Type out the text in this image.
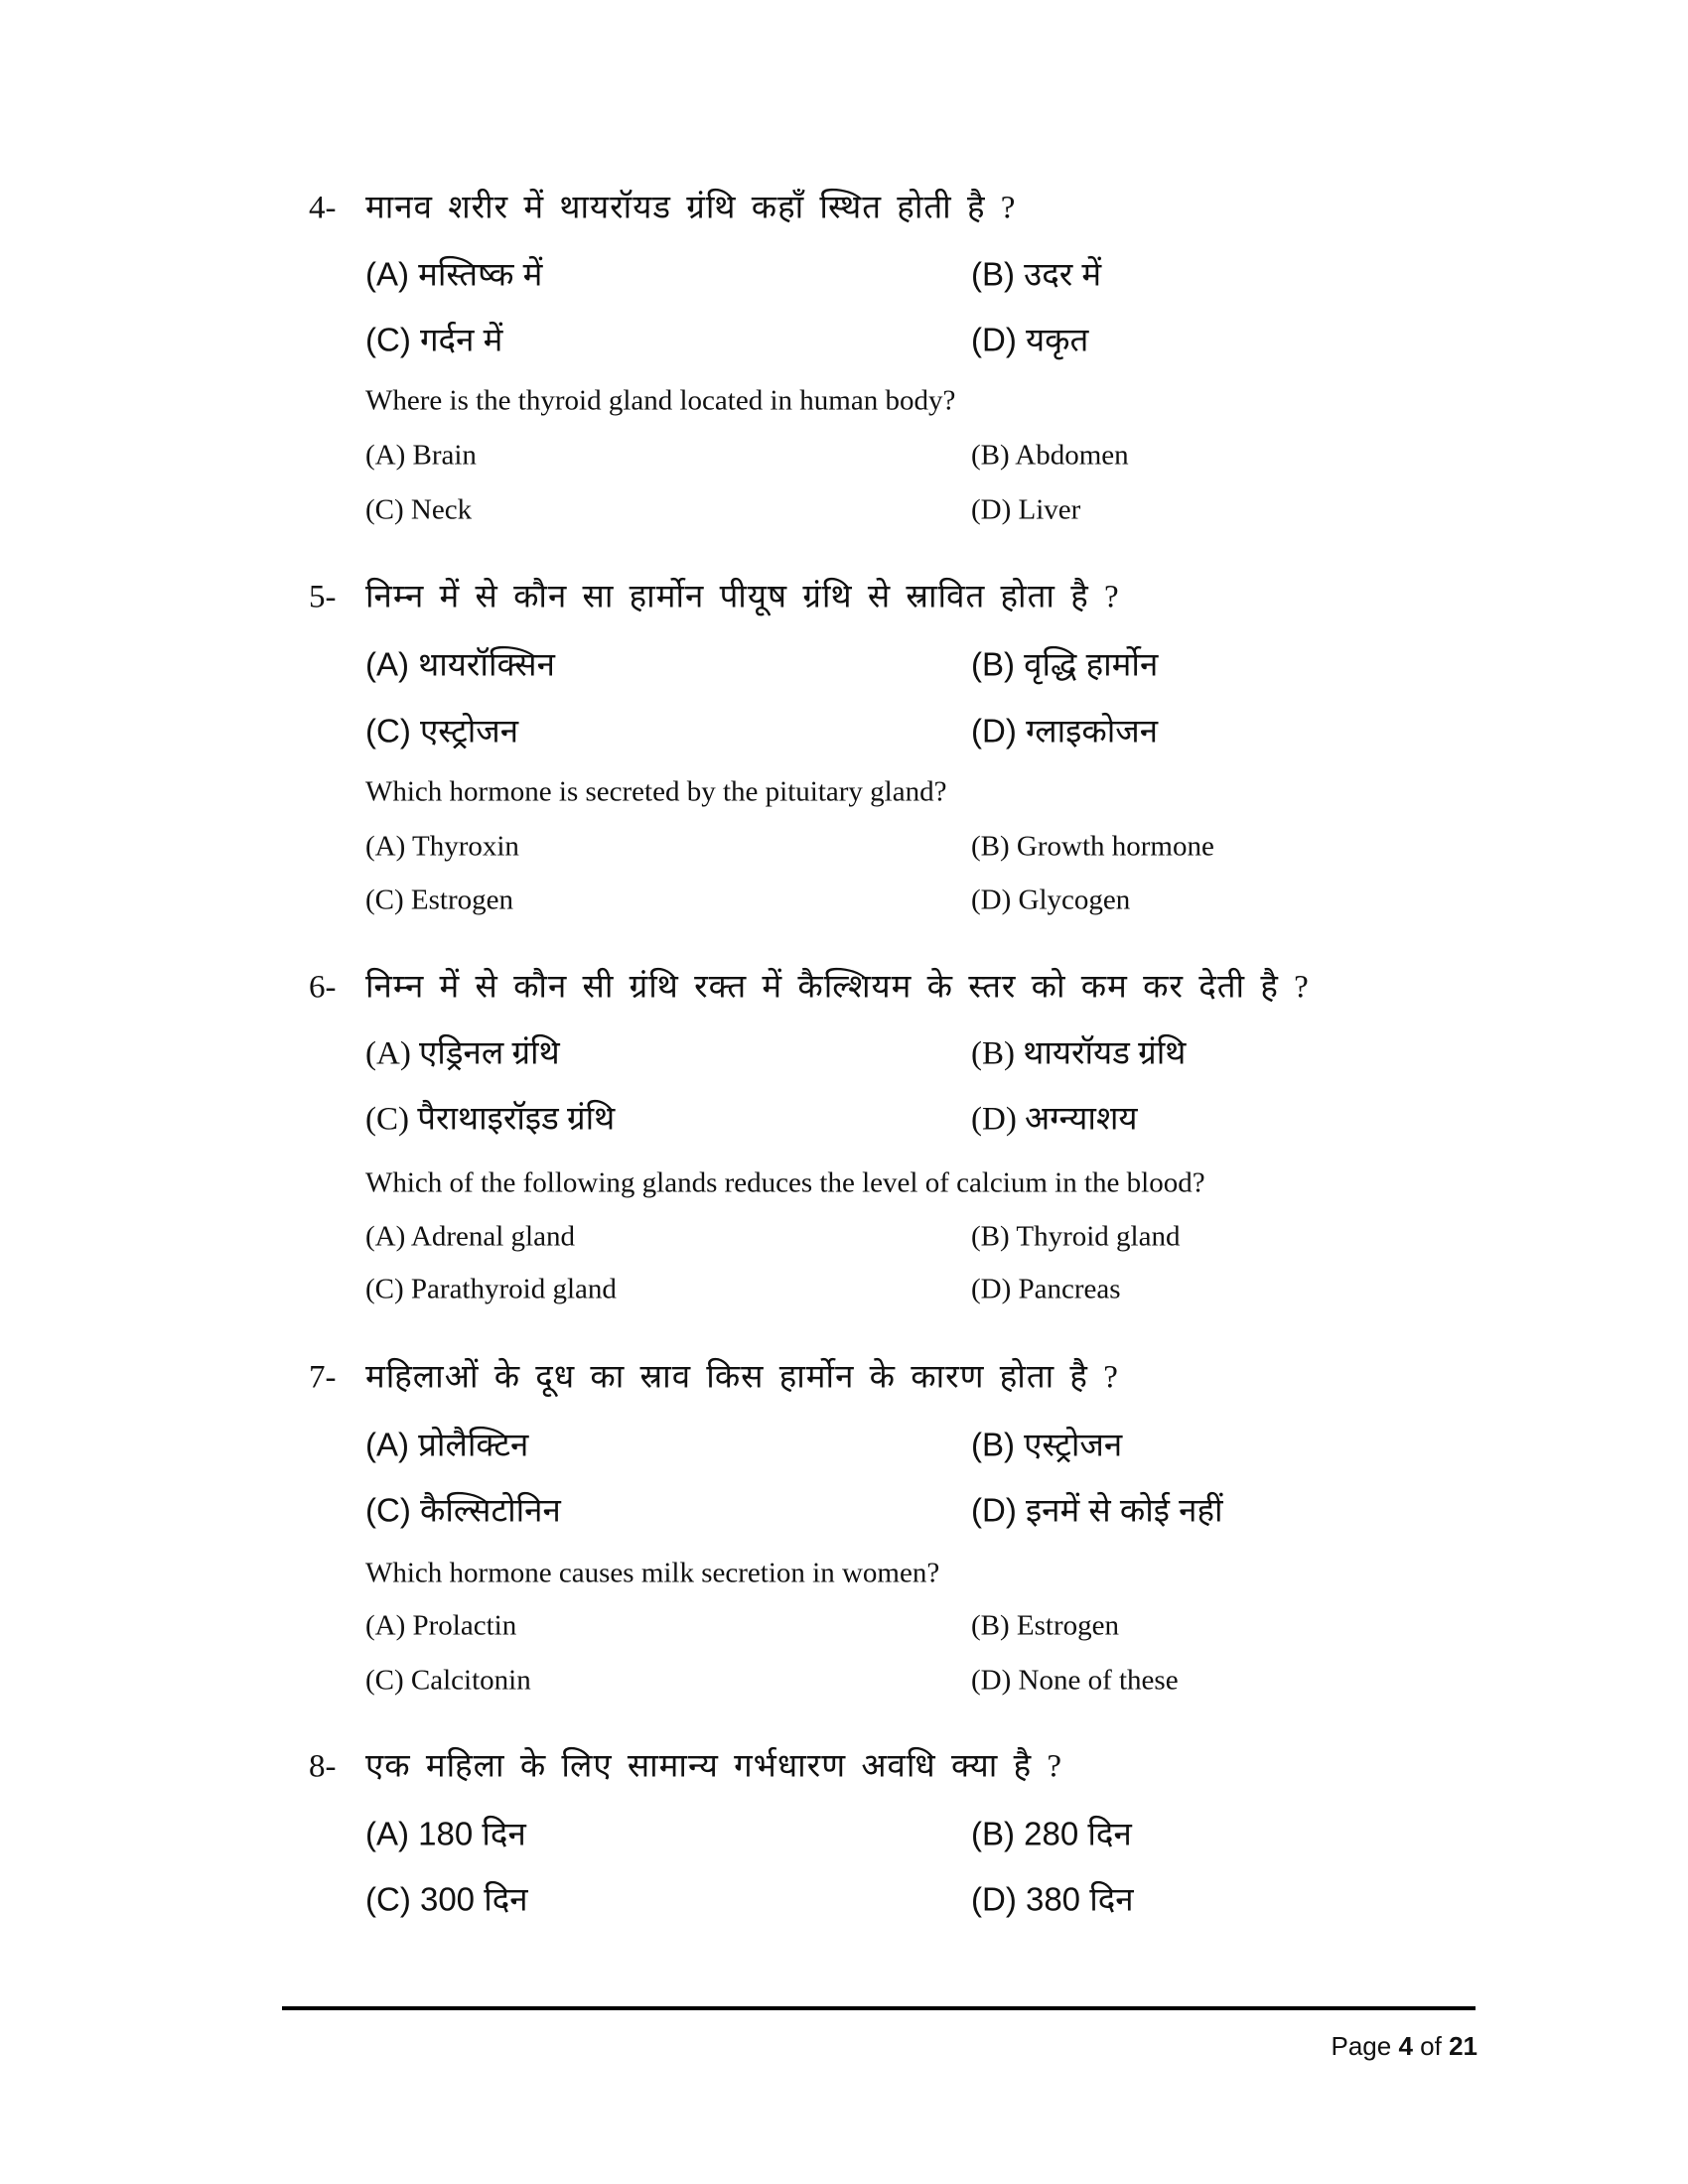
4- मानव शरीर में थायरॉयड ग्रंथि कहाँ स्थित होती है ?
(A) मस्तिष्क में	(B) उदर में
(C) गर्दन में	(D) यकृत
Where is the thyroid gland located in human body?
(A) Brain	(B) Abdomen
(C) Neck	(D) Liver
5- निम्न में से कौन सा हार्मोन पीयूष ग्रंथि से स्रावित होता है ?
(A) थायरॉक्सिन	(B) वृद्धि हार्मोन
(C) एस्ट्रोजन	(D) ग्लाइकोजन
Which hormone is secreted by the pituitary gland?
(A) Thyroxin	(B) Growth hormone
(C) Estrogen	(D) Glycogen
6- निम्न में से कौन सी ग्रंथि रक्त में कैल्शियम के स्तर को कम कर देती है ?
(A) एड्रिनल ग्रंथि	(B) थायरॉयड ग्रंथि
(C) पैराथाइरॉइड ग्रंथि	(D) अग्न्याशय
Which of the following glands reduces the level of calcium in the blood?
(A) Adrenal gland	(B) Thyroid gland
(C) Parathyroid gland	(D) Pancreas
7- महिलाओं के दूध का स्राव किस हार्मोन के कारण होता है ?
(A) प्रोलैक्टिन	(B) एस्ट्रोजन
(C) कैल्सिटोनिन	(D) इनमें से कोई नहीं
Which hormone causes milk secretion in women?
(A) Prolactin	(B) Estrogen
(C) Calcitonin	(D) None of these
8- एक महिला के लिए सामान्य गर्भधारण अवधि क्या है ?
(A) 180 दिन	(B) 280 दिन
(C) 300 दिन	(D) 380 दिन
Page 4 of 21
